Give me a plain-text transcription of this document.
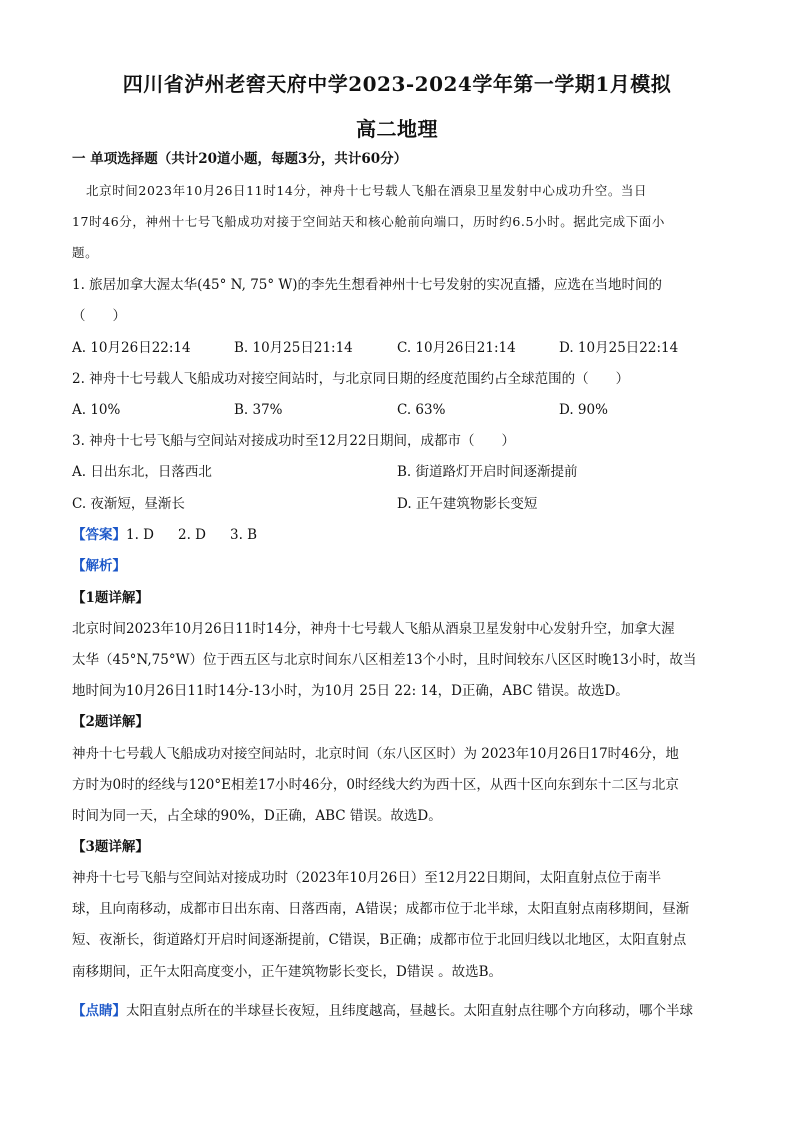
四川省泸州老窖天府中学2023-2024学年第一学期1月模拟
高二地理
一 单项选择题（共计20道小题，每题3分，共计60分）
北京时间2023年10月26日11时14分，神舟十七号载人飞船在酒泉卫星发射中心成功升空。当日
17时46分，神州十七号飞船成功对接于空间站天和核心舱前向端口，历时约6.5小时。据此完成下面小
题。
1. 旅居加拿大渥太华(45° N, 75° W)的李先生想看神州十七号发射的实况直播，应选在当地时间的
（　　）
A. 10月26日22:14	B. 10月25日21:14	C. 10月26日21:14	D. 10月25日22:14
2. 神舟十七号载人飞船成功对接空间站时，与北京同日期的经度范围约占全球范围的（　　）
A. 10%	B. 37%	C. 63%	D. 90%
3. 神舟十七号飞船与空间站对接成功时至12月22日期间，成都市（　　）
A. 日出东北，日落西北	B. 街道路灯开启时间逐渐提前
C. 夜渐短，昼渐长	D. 正午建筑物影长变短
【答案】1. D 2. D 3. B
【解析】
【1题详解】
北京时间2023年10月26日11时14分，神舟十七号载人飞船从酒泉卫星发射中心发射升空，加拿大渥
太华（45°N,75°W）位于西五区与北京时间东八区相差13个小时，且时间较东八区区时晚13小时，故当
地时间为10月26日11时14分-13小时，为10月 25日 22: 14，D正确，ABC 错误。故选D。
【2题详解】
神舟十七号载人飞船成功对接空间站时，北京时间（东八区区时）为 2023年10月26日17时46分，地
方时为0时的经线与120°E相差17小时46分，0时经线大约为西十区，从西十区向东到东十二区与北京
时间为同一天，占全球的90%，D正确，ABC 错误。故选D。
【3题详解】
神舟十七号飞船与空间站对接成功时（2023年10月26日）至12月22日期间，太阳直射点位于南半
球，且向南移动，成都市日出东南、日落西南，A错误；成都市位于北半球，太阳直射点南移期间，昼渐
短、夜渐长，街道路灯开启时间逐渐提前，C错误，B正确；成都市位于北回归线以北地区，太阳直射点
南移期间，正午太阳高度变小，正午建筑物影长变长，D错误 。故选B。
【点睛】太阳直射点所在的半球昼长夜短，且纬度越高，昼越长。太阳直射点往哪个方向移动，哪个半球
